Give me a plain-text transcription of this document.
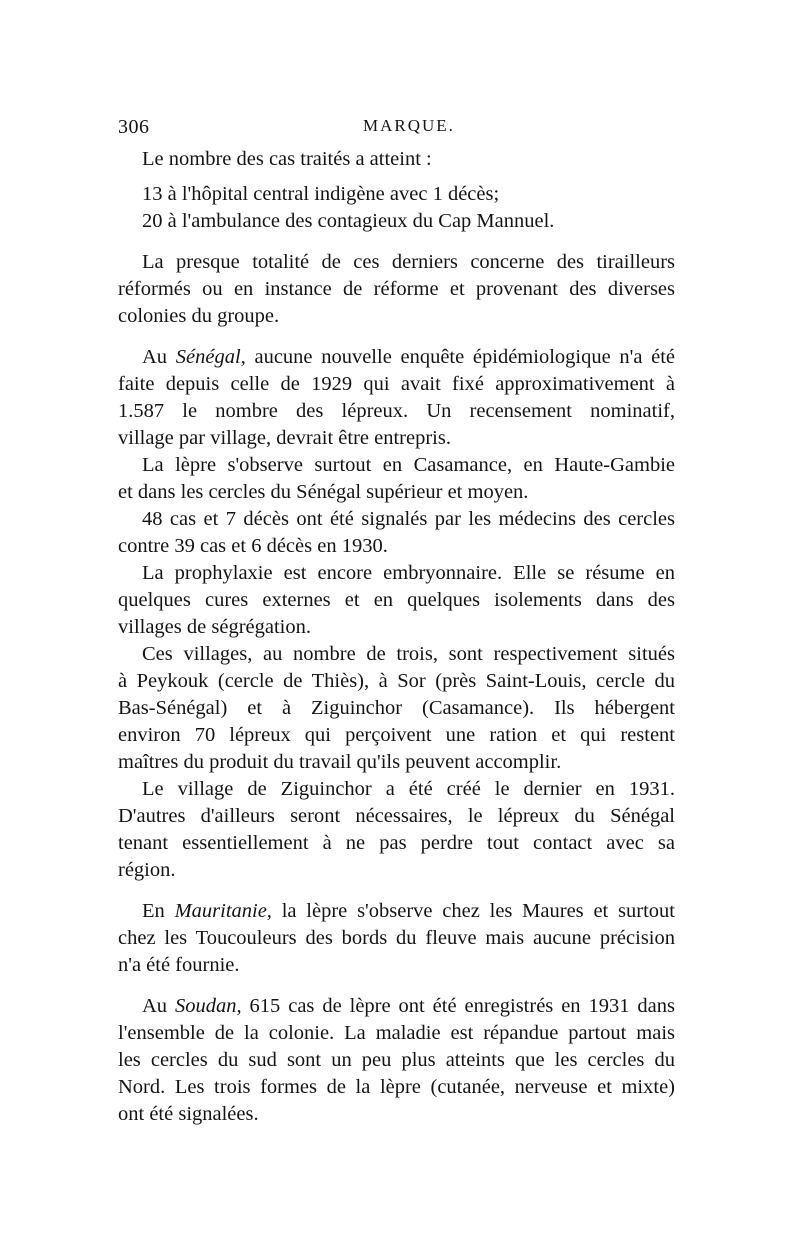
306	MARQUE.
Le nombre des cas traités a atteint :
13 à l'hôpital central indigène avec 1 décès;
20 à l'ambulance des contagieux du Cap Mannuel.
La presque totalité de ces derniers concerne des tirailleurs
réformés ou en instance de réforme et provenant des diverses
colonies du groupe.
Au Sénégal, aucune nouvelle enquête épidémiologique n'a été
faite depuis celle de 1929 qui avait fixé approximativement à
1.587 le nombre des lépreux. Un recensement nominatif,
village par village, devrait être entrepris.
La lèpre s'observe surtout en Casamance, en Haute-Gambie
et dans les cercles du Sénégal supérieur et moyen.
48 cas et 7 décès ont été signalés par les médecins des cercles
contre 39 cas et 6 décès en 1930.
La prophylaxie est encore embryonnaire. Elle se résume en
quelques cures externes et en quelques isolements dans des
villages de ségrégation.
Ces villages, au nombre de trois, sont respectivement situés
à Peykouk (cercle de Thiès), à Sor (près Saint-Louis, cercle du
Bas-Sénégal) et à Ziguinchor (Casamance). Ils hébergent
environ 70 lépreux qui perçoivent une ration et qui restent
maîtres du produit du travail qu'ils peuvent accomplir.
Le village de Ziguinchor a été créé le dernier en 1931.
D'autres d'ailleurs seront nécessaires, le lépreux du Sénégal
tenant essentiellement à ne pas perdre tout contact avec sa
région.
En Mauritanie, la lèpre s'observe chez les Maures et surtout
chez les Toucouleurs des bords du fleuve mais aucune précision
n'a été fournie.
Au Soudan, 615 cas de lèpre ont été enregistrés en 1931 dans
l'ensemble de la colonie. La maladie est répandue partout mais
les cercles du sud sont un peu plus atteints que les cercles du
Nord. Les trois formes de la lèpre (cutanée, nerveuse et mixte)
ont été signalées.
